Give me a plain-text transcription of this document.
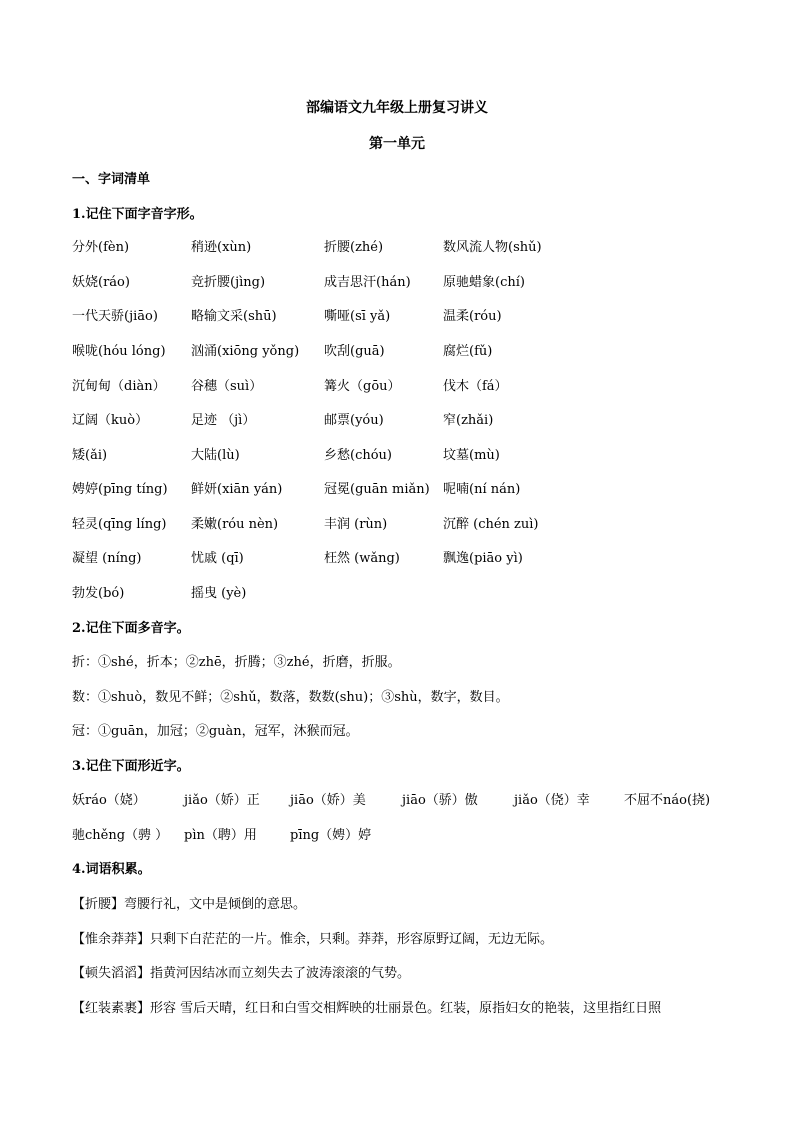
部编语文九年级上册复习讲义
第一单元
一、字词清单
1.记住下面字音字形。
分外(fèn)	稍逊(xùn)	折腰(zhé)	数风流人物(shǔ)
妖娆(ráo)	竞折腰(jìng)	成吉思汗(hán) 原驰蜡象(chí)
一代天骄(jiāo)	略输文采(shū)	嘶哑(sī yǎ)	温柔(róu)
喉咙(hóu lóng) 汹涌(xiōng yǒng) 吹刮(guā)	腐烂(fǔ)
沉甸甸（diàn） 谷穗（suì）	篝火（gōu）	伐木（fá）
辽阔（kuò）	足迹 （jì）	邮票(yóu)	窄(zhǎi)
矮(ǎi)	大陆(lù)	乡愁(chóu)	坟墓(mù)
娉婷(pīng tíng) 鲜妍(xiān yán)	冠冕(guān miǎn) 呢喃(ní nán)
轻灵(qīng líng) 柔嫩(róu nèn)	丰润 (rùn)	沉醉 (chén zuì)
凝望 (níng)	忧戚 (qī)	枉然 (wǎng)	飘逸(piāo yì)
勃发(bó)	摇曳 (yè)
2.记住下面多音字。
折：①shé，折本；②zhē，折腾；③zhé，折磨，折服。
数：①shuò，数见不鲜；②shǔ，数落，数数(shu)；③shù，数字，数目。
冠：①guān，加冠；②guàn，冠军，沐猴而冠。
3.记住下面形近字。
妖ráo（娆）	jiǎo（娇）正 jiāo（娇）美	jiāo（骄）傲	jiǎo（侥）幸	不屈不náo(挠)
驰chěng（骋 ） pìn（聘）用	pīng（娉）婷
4.词语积累。
【折腰】弯腰行礼，文中是倾倒的意思。
【惟余莽莽】只剩下白茫茫的一片。惟余，只剩。莽莽，形容原野辽阔，无边无际。
【顿失滔滔】指黄河因结冰而立刻失去了波涛滚滚的气势。
【红装素裹】形容 雪后天晴，红日和白雪交相辉映的壮丽景色。红装，原指妇女的艳装，这里指红日照
